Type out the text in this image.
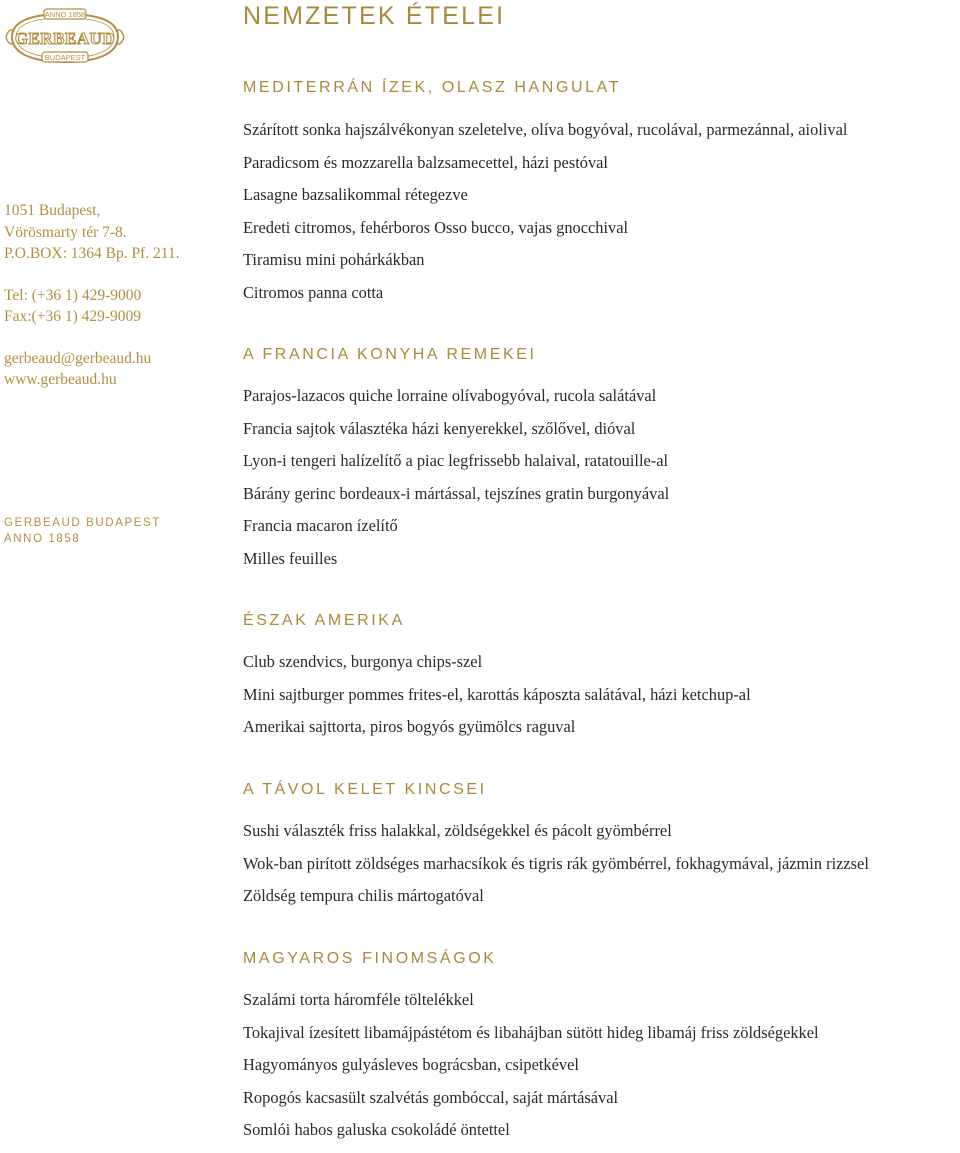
ANNO 1858
GERBEAUD
BUDAPEST
1051 Budapest,
Vörösmarty tér 7-8.
P.O.BOX: 1364 Bp. Pf. 211.
Tel: (+36 1) 429-9000
Fax:(+36 1) 429-9009
gerbeaud@gerbeaud.hu
www.gerbeaud.hu
GERBEAUD BUDAPEST
ANNO 1858
NEMZETEK ÉTELEI
MEDITERRÁN ÍZEK, OLASZ HANGULAT
Szárított sonka hajszálvékonyan szeletelve, olíva bogyóval, rucolával, parmezánnal, aiolival
Paradicsom és mozzarella balzsamecettel, házi pestóval
Lasagne bazsalikommal rétegezve
Eredeti citromos, fehérboros Osso bucco, vajas gnocchival
Tiramisu mini pohárkákban
Citromos panna cotta
A FRANCIA KONYHA REMEKEI
Parajos-lazacos quiche lorraine olívabogyóval, rucola salátával
Francia sajtok választéka házi kenyerekkel, szőlővel, dióval
Lyon-i tengeri halízelítő a piac legfrissebb halaival, ratatouille-al
Bárány gerinc bordeaux-i mártással, tejszínes gratin burgonyával
Francia macaron ízelítő
Milles feuilles
ÉSZAK AMERIKA
Club szendvics, burgonya chips-szel
Mini sajtburger pommes frites-el, karottás káposzta salátával, házi ketchup-al
Amerikai sajttorta, piros bogyós gyümölcs raguval
A TÁVOL KELET KINCSEI
Sushi választék friss halakkal, zöldségekkel és pácolt gyömbérrel
Wok-ban pirított zöldséges marhacsíkok és tigris rák gyömbérrel, fokhagymával, jázmin rizzsel
Zöldség tempura chilis mártogatóval
MAGYAROS FINOMSÁGOK
Szalámi torta háromféle töltelékkel
Tokajival ízesített libamájpástétom és libahájban sütött hideg libamáj friss zöldségekkel
Hagyományos gulyásleves bográcsban, csipetkével
Ropogós kacsasült szalvétás gombóccal, saját mártásával
Somlói habos galuska csokoládé öntettel
